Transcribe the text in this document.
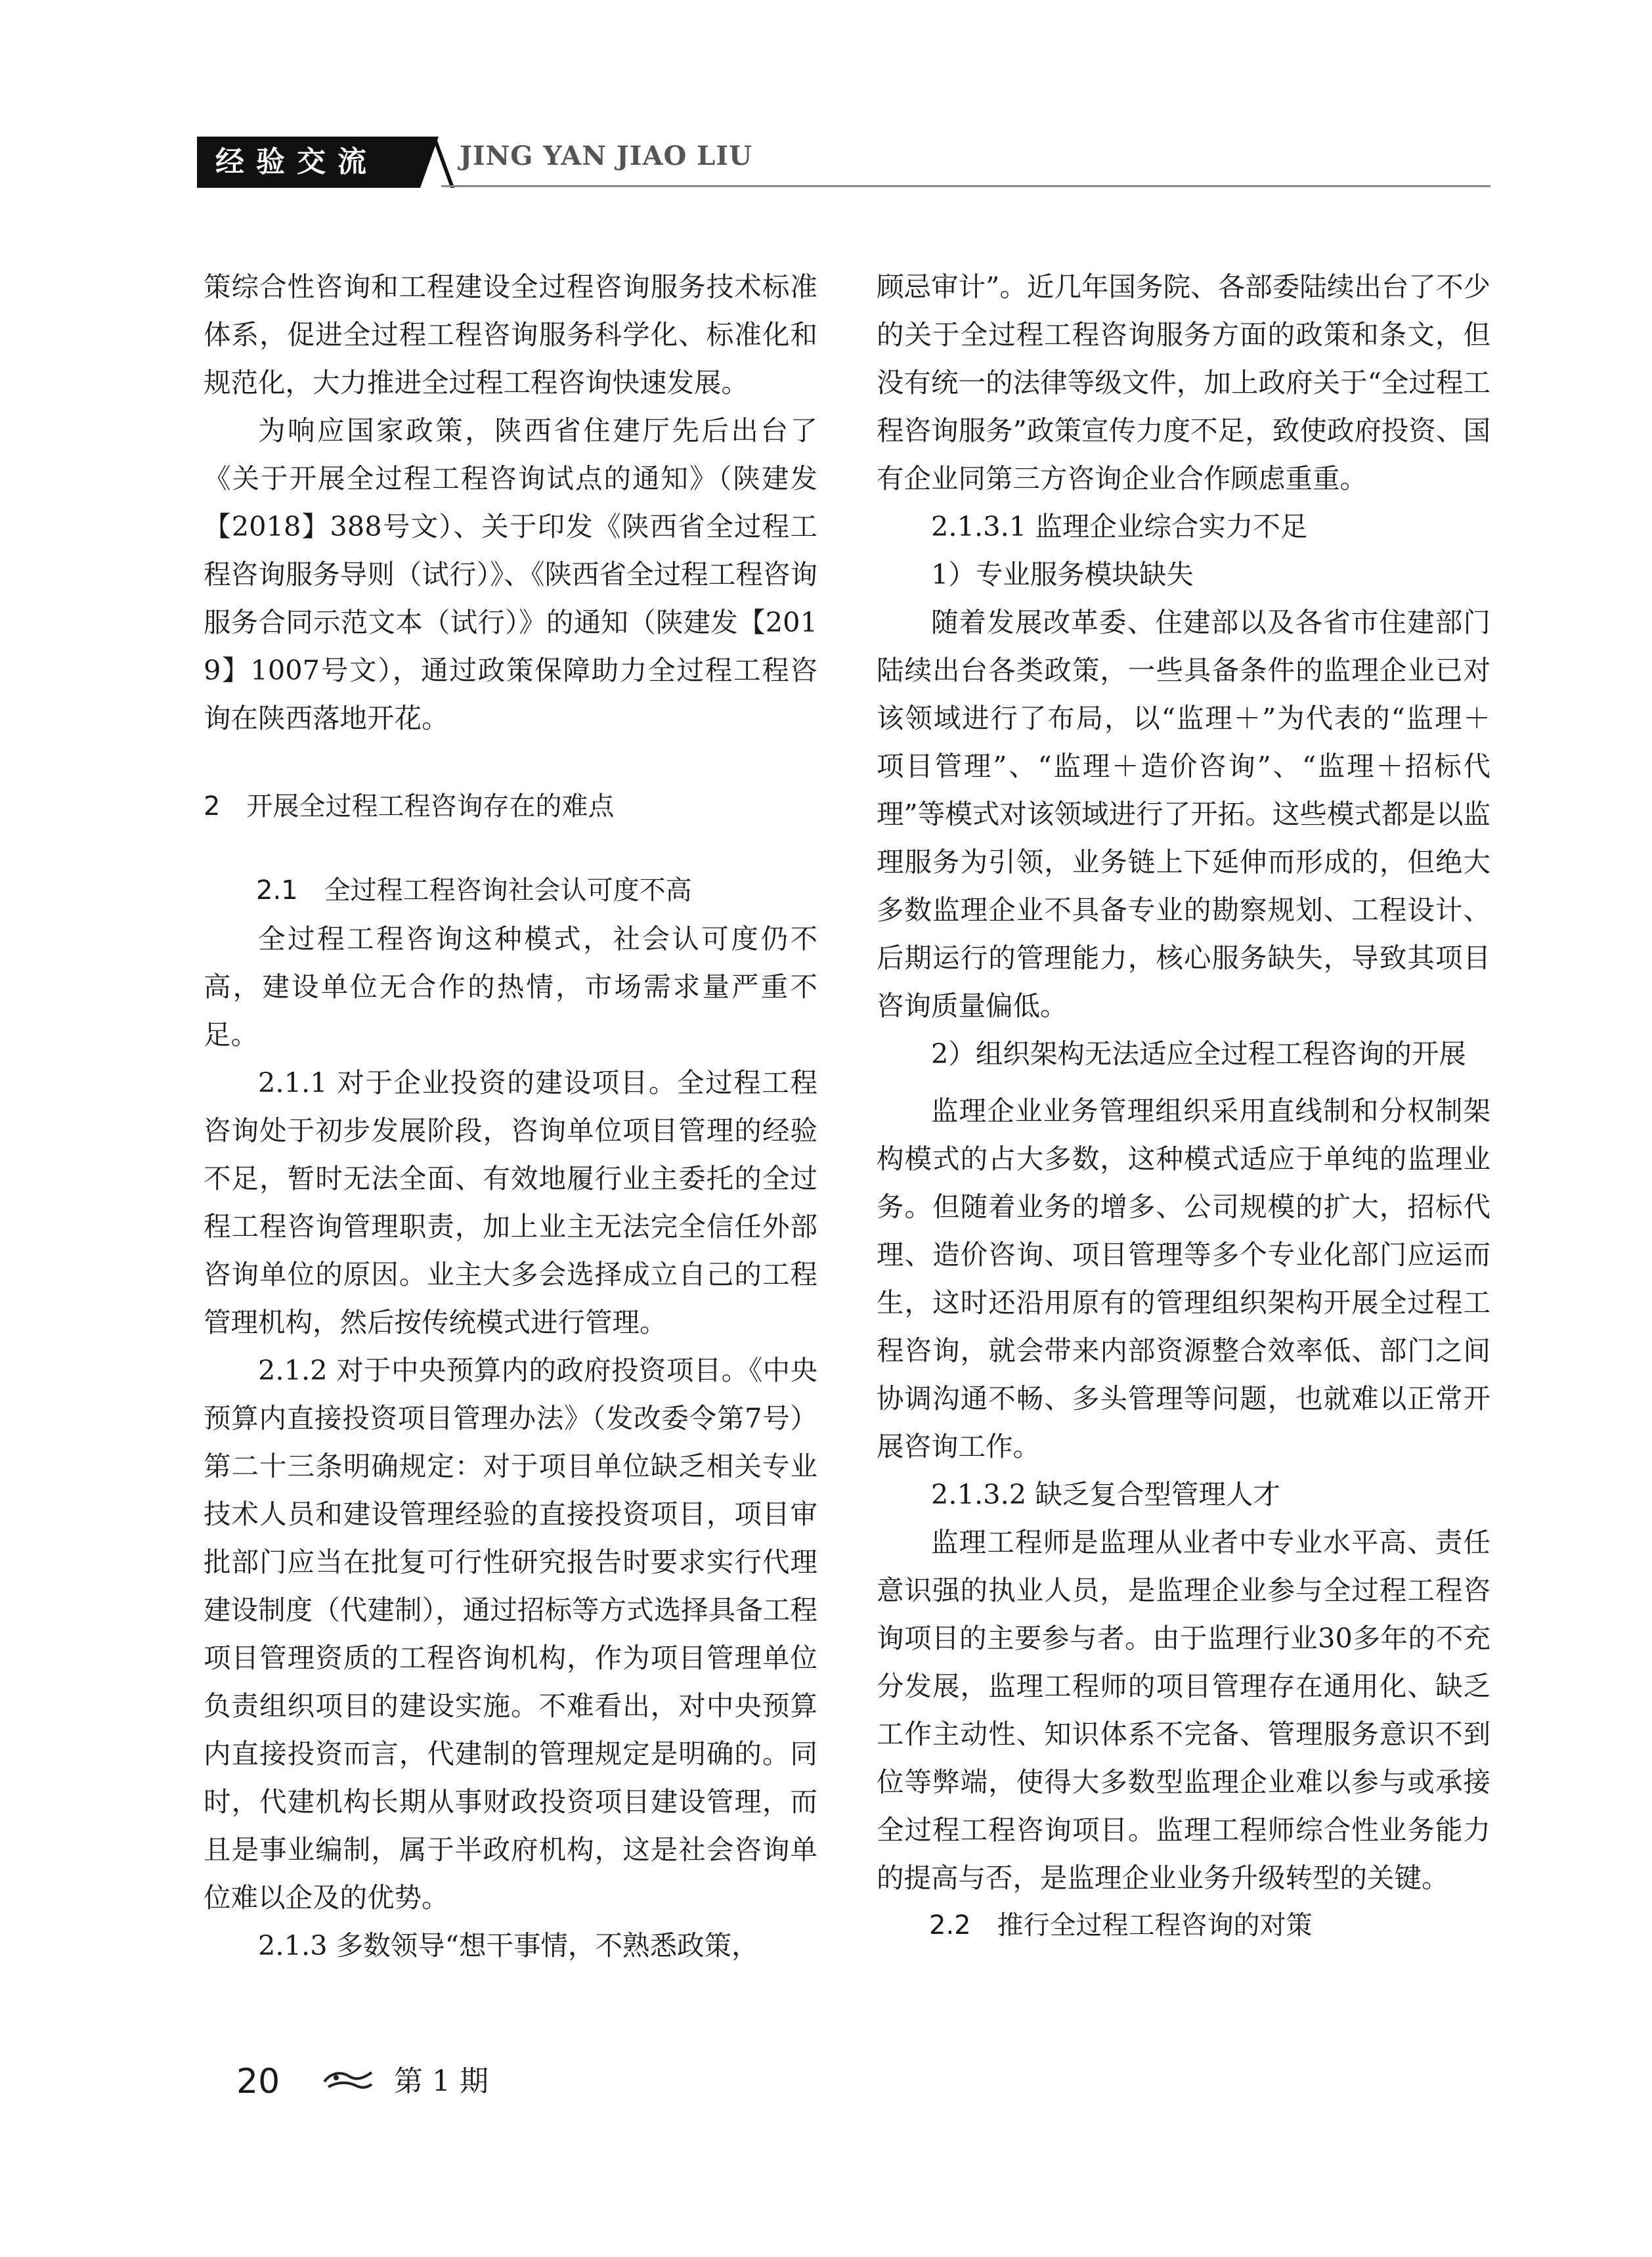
经验交流	JING YAN JIAO LIU

策综合性咨询和工程建设全过程咨询服务技术标准体系，促进全过程工程咨询服务科学化、标准化和规范化，大力推进全过程工程咨询快速发展。

为响应国家政策，陕西省住建厅先后出台了《关于开展全过程工程咨询试点的通知》（陕建发【2018】388号文）、关于印发《陕西省全过程工程咨询服务导则（试行）》、《陕西省全过程工程咨询服务合同示范文本（试行）》的通知（陕建发【2019】1007号文），通过政策保障助力全过程工程咨询在陕西落地开花。

2　开展全过程工程咨询存在的难点

2.1　全过程工程咨询社会认可度不高

全过程工程咨询这种模式，社会认可度仍不高，建设单位无合作的热情，市场需求量严重不足。

2.1.1 对于企业投资的建设项目。全过程工程咨询处于初步发展阶段，咨询单位项目管理的经验不足，暂时无法全面、有效地履行业主委托的全过程工程咨询管理职责，加上业主无法完全信任外部咨询单位的原因。业主大多会选择成立自己的工程管理机构，然后按传统模式进行管理。

2.1.2 对于中央预算内的政府投资项目。《中央预算内直接投资项目管理办法》（发改委令第7号）第二十三条明确规定：对于项目单位缺乏相关专业技术人员和建设管理经验的直接投资项目，项目审批部门应当在批复可行性研究报告时要求实行代理建设制度（代建制），通过招标等方式选择具备工程项目管理资质的工程咨询机构，作为项目管理单位负责组织项目的建设实施。不难看出，对中央预算内直接投资而言，代建制的管理规定是明确的。同时，代建机构长期从事财政投资项目建设管理，而且是事业编制，属于半政府机构，这是社会咨询单位难以企及的优势。

2.1.3 多数领导“想干事情，不熟悉政策，

顾忌审计”。近几年国务院、各部委陆续出台了不少的关于全过程工程咨询服务方面的政策和条文，但没有统一的法律等级文件，加上政府关于“全过程工程咨询服务”政策宣传力度不足，致使政府投资、国有企业同第三方咨询企业合作顾虑重重。

2.1.3.1 监理企业综合实力不足

1）专业服务模块缺失

随着发展改革委、住建部以及各省市住建部门陆续出台各类政策，一些具备条件的监理企业已对该领域进行了布局，以“监理＋”为代表的“监理＋项目管理”、“监理＋造价咨询”、“监理＋招标代理”等模式对该领域进行了开拓。这些模式都是以监理服务为引领，业务链上下延伸而形成的，但绝大多数监理企业不具备专业的勘察规划、工程设计、后期运行的管理能力，核心服务缺失，导致其项目咨询质量偏低。

2）组织架构无法适应全过程工程咨询的开展

监理企业业务管理组织采用直线制和分权制架构模式的占大多数，这种模式适应于单纯的监理业务。但随着业务的增多、公司规模的扩大，招标代理、造价咨询、项目管理等多个专业化部门应运而生，这时还沿用原有的管理组织架构开展全过程工程咨询，就会带来内部资源整合效率低、部门之间协调沟通不畅、多头管理等问题，也就难以正常开展咨询工作。

2.1.3.2 缺乏复合型管理人才

监理工程师是监理从业者中专业水平高、责任意识强的执业人员，是监理企业参与全过程工程咨询项目的主要参与者。由于监理行业30多年的不充分发展，监理工程师的项目管理存在通用化、缺乏工作主动性、知识体系不完备、管理服务意识不到位等弊端，使得大多数型监理企业难以参与或承接全过程工程咨询项目。监理工程师综合性业务能力的提高与否，是监理企业业务升级转型的关键。

2.2　推行全过程工程咨询的对策

20	第 1 期
